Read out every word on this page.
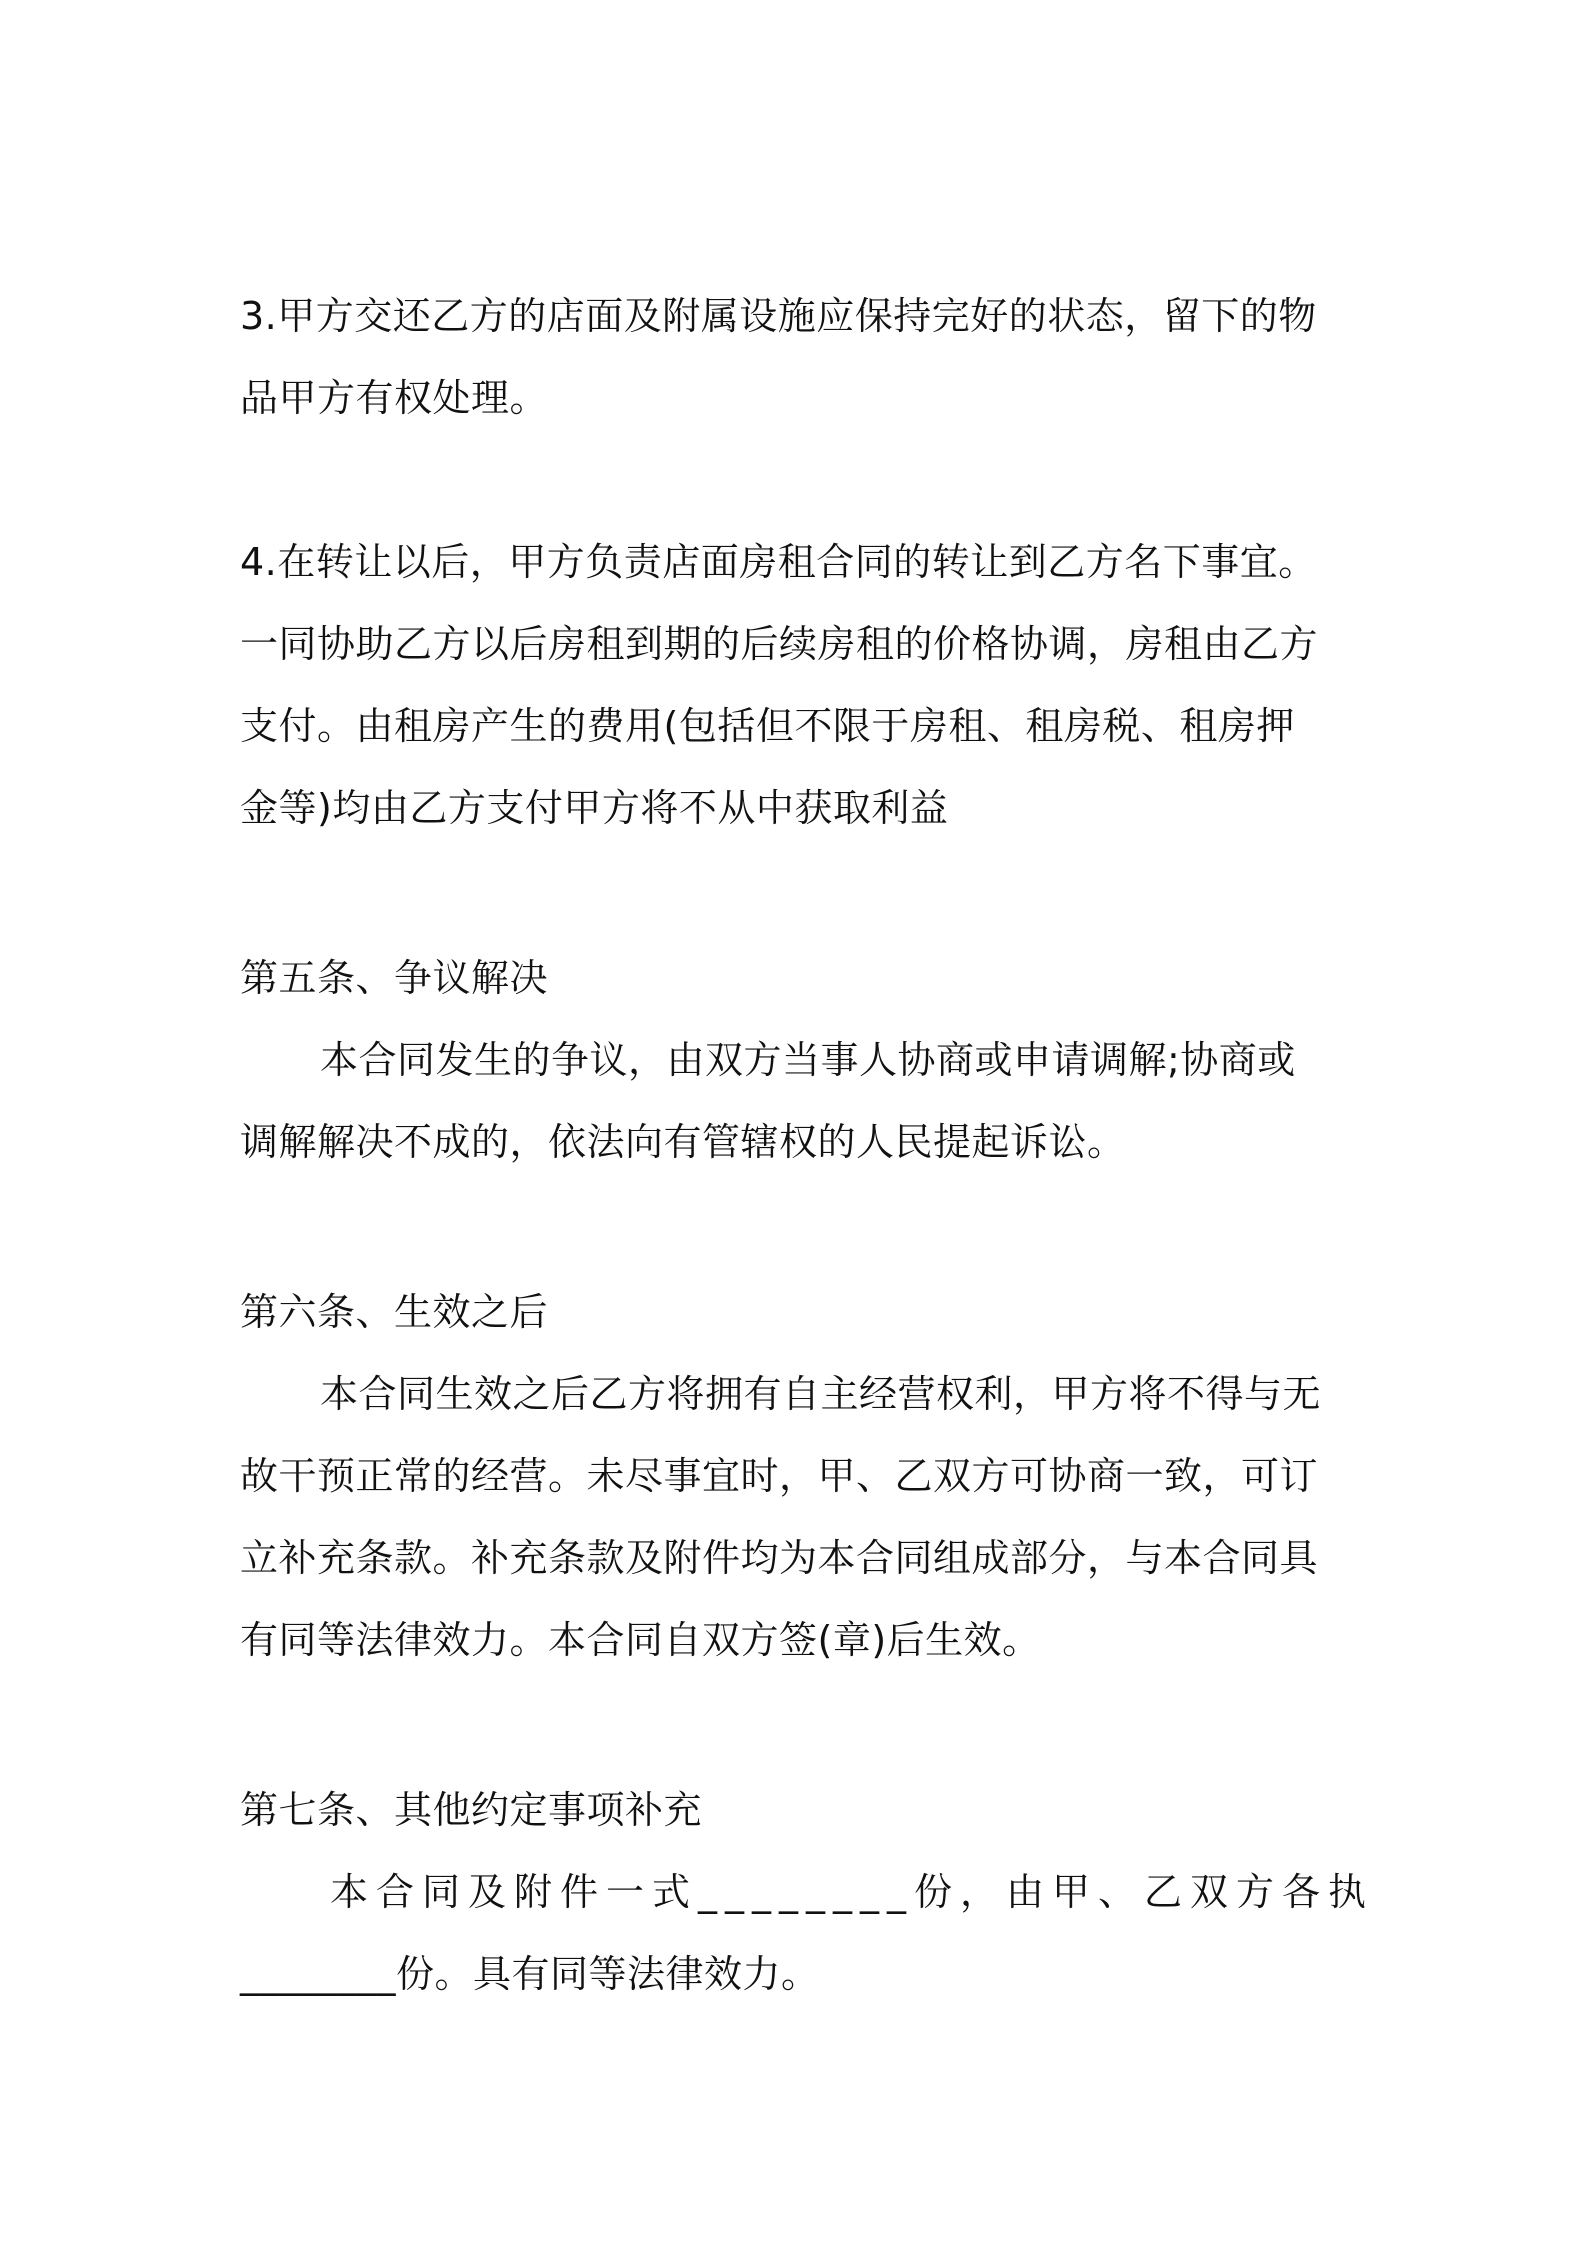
3.甲方交还乙方的店面及附属设施应保持完好的状态，留下的物
品甲方有权处理。
4.在转让以后，甲方负责店面房租合同的转让到乙方名下事宜。
一同协助乙方以后房租到期的后续房租的价格协调，房租由乙方
支付。由租房产生的费用(包括但不限于房租、租房税、租房押
金等)均由乙方支付甲方将不从中获取利益
第五条、争议解决
本合同发生的争议，由双方当事人协商或申请调解;协商或
调解解决不成的，依法向有管辖权的人民提起诉讼。
第六条、生效之后
本合同生效之后乙方将拥有自主经营权利，甲方将不得与无
故干预正常的经营。未尽事宜时，甲、乙双方可协商一致，可订
立补充条款。补充条款及附件均为本合同组成部分，与本合同具
有同等法律效力。本合同自双方签(章)后生效。
第七条、其他约定事项补充
本合同及附件一式________份，由甲、乙双方各执
________份。具有同等法律效力。
